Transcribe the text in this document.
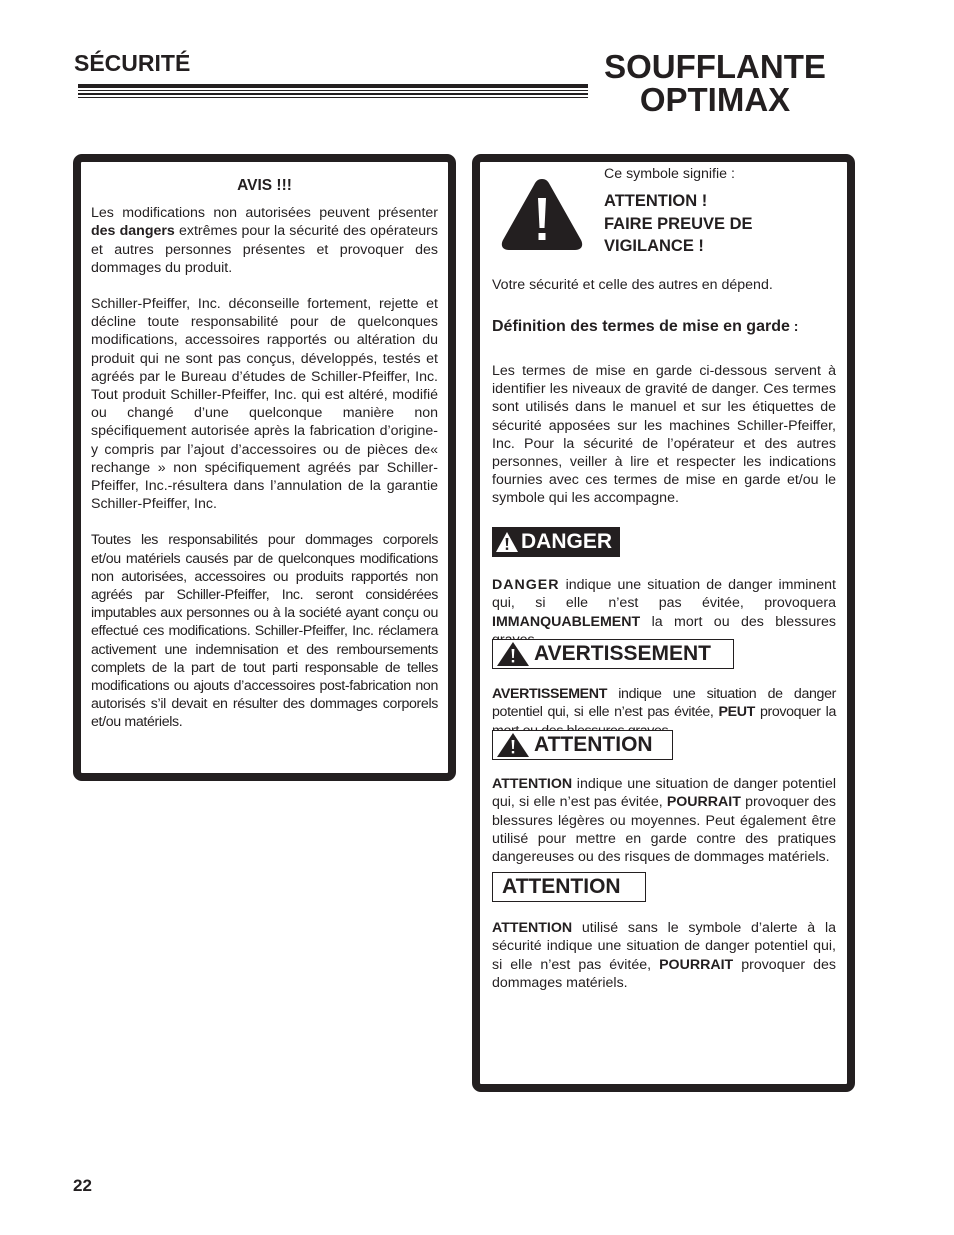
SÉCURITÉ	SOUFFLANTE
OPTIMAX

AVIS !!!

Les modifications non autorisées peuvent présenter des dangers extrêmes pour la sécurité des opérateurs et autres personnes présentes et provoquer des dommages du produit.

Schiller-Pfeiffer, Inc. déconseille fortement, rejette et décline toute responsabilité pour de quelconques modifications, accessoires rapportés ou altération du produit qui ne sont pas conçus, développés, testés et agréés par le Bureau d’études de Schiller-Pfeiffer, Inc. Tout produit Schiller-Pfeiffer, Inc. qui est altéré, modifié ou changé d’une quelconque manière non spécifiquement autorisée après la fabrication d’origine-y compris par l’ajout d’accessoires ou de pièces de« rechange » non spécifiquement agréés par Schiller-Pfeiffer, Inc.-résultera dans l’annulation de la garantie Schiller-Pfeiffer, Inc.

Toutes les responsabilités pour dommages corporels et/ou matériels causés par de quelconques modifications non autorisées, accessoires ou produits rapportés non agréés par Schiller-Pfeiffer, Inc. seront considérées imputables aux personnes ou à la société ayant conçu ou effectué ces modifications. Schiller-Pfeiffer, Inc. réclamera activement une indemnisation et des remboursements complets de la part de tout parti responsable de telles modifications ou ajouts d’accessoires post-fabrication non autorisés s’il devait en résulter des dommages corporels et/ou matériels.

Ce symbole signifie :
ATTENTION !
FAIRE PREUVE DE
VIGILANCE !
Votre sécurité et celle des autres en dépend.
Définition des termes de mise en garde :
Les termes de mise en garde ci-dessous servent à identifier les niveaux de gravité de danger. Ces termes sont utilisés dans le manuel et sur les étiquettes de sécurité apposées sur les machines Schiller-Pfeiffer, Inc. Pour la sécurité de l’opérateur et des autres personnes, veiller à lire et respecter les indications fournies avec ces termes de mise en garde et/ou le symbole qui les accompagne.
DANGER

DANGER indique une situation de danger imminent qui, si elle n’est pas évitée, provoquera IMMANQUABLEMENT la mort ou des blessures

AVERTISSEMENT

AVERTISSEMENT indique une situation de danger potentiel qui, si elle n’est pas évitée, PEUT provoquer la

ATTENTION

ATTENTION indique une situation de danger potentiel qui, si elle n’est pas évitée, POURRAIT provoquer des blessures légères ou moyennes. Peut également être utilisé pour mettre en garde contre des pratiques dangereuses ou des risques de dommages matériels.

ATTENTION

ATTENTION utilisé sans le symbole d’alerte à la sécurité indique une situation de danger potentiel qui, si elle n’est pas évitée, POURRAIT provoquer des dommages matériels.

22
